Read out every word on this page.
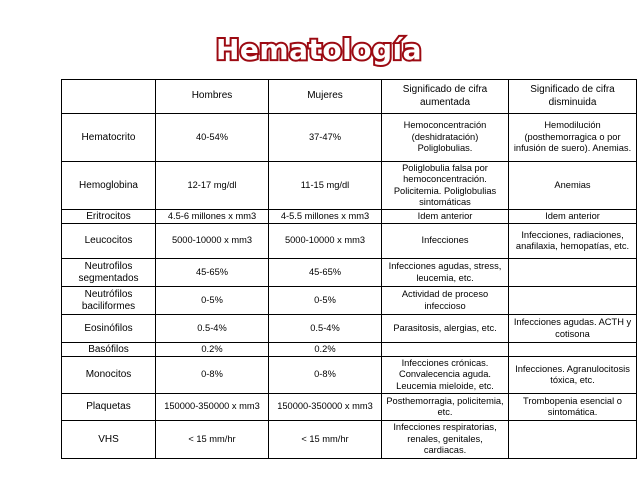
Hematología
	Hombres	Mujeres	Significado de cifra aumentada	Significado de cifra disminuida
Hematocrito	40-54%	37-47%	Hemoconcentración (deshidratación) Poliglobulias.	Hemodilución (posthemorragica o por infusión de suero). Anemias.
Hemoglobina	12-17 mg/dl	11-15 mg/dl	Poliglobulia falsa por hemoconcentración. Policitemia. Poliglobulias sintomáticas	Anemias
Eritrocitos	4.5-6 millones x mm3	4-5.5 millones x mm3	Idem anterior	Idem anterior
Leucocitos	5000-10000 x mm3	5000-10000 x mm3	Infecciones	Infecciones, radiaciones, anafilaxia, hemopatías, etc.
Neutrofilos segmentados	45-65%	45-65%	Infecciones agudas, stress, leucemia, etc.	
Neutrófilos baciliformes	0-5%	0-5%	Actividad de proceso infeccioso	
Eosinófilos	0.5-4%	0.5-4%	Parasitosis, alergias, etc.	Infecciones agudas. ACTH y cotisona
Basófilos	0.2%	0.2%		
Monocitos	0-8%	0-8%	Infecciones crónicas. Convalecencia aguda. Leucemia mieloide, etc.	Infecciones. Agranulocitosis tóxica, etc.
Plaquetas	150000-350000 x mm3	150000-350000 x mm3	Posthemorragia, policitemia, etc.	Trombopenia esencial o sintomática.
VHS	< 15 mm/hr	< 15 mm/hr	Infecciones respiratorias, renales, genitales, cardiacas.	
